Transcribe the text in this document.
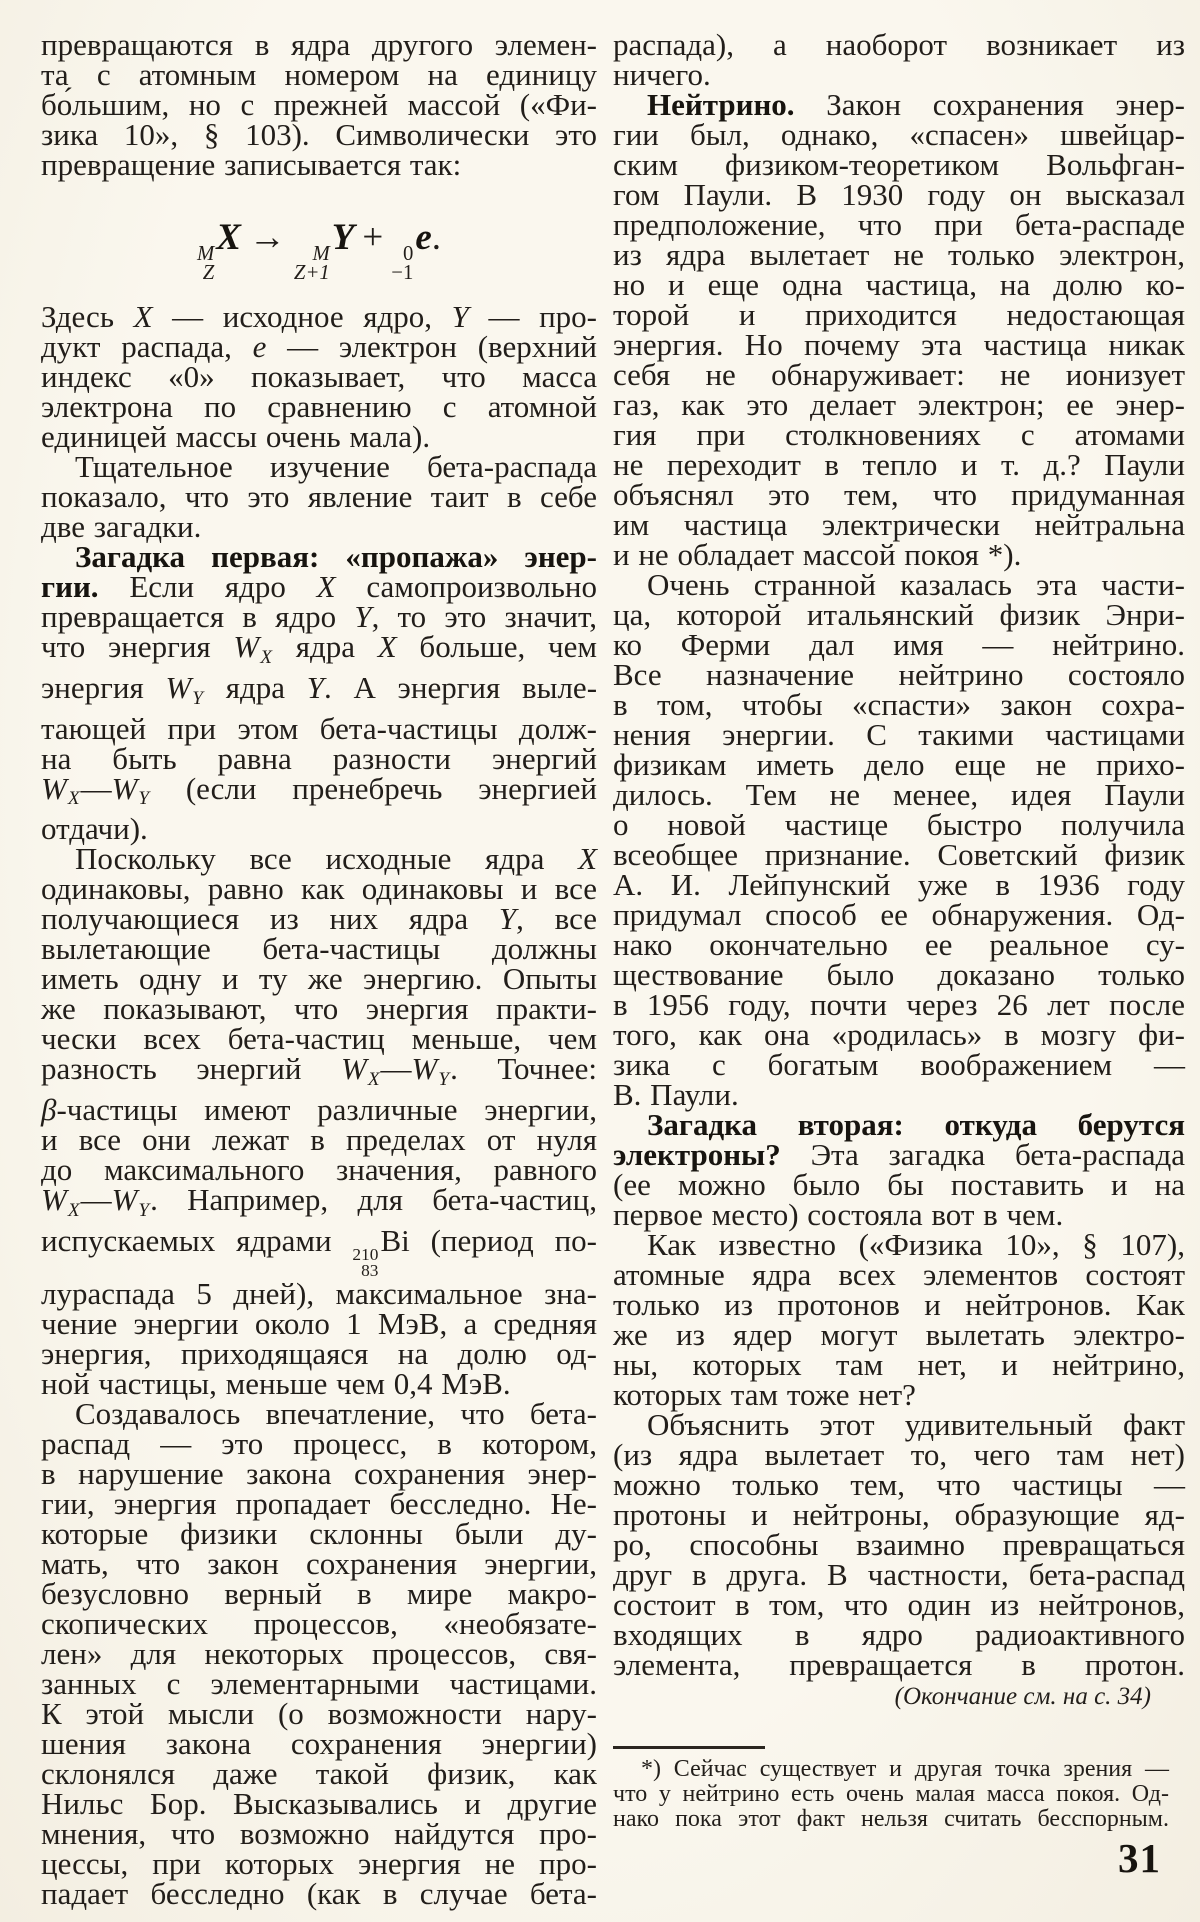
превращаются в ядра другого элемен-
та с атомным номером на единицу
бо́льшим, но с прежней массой («Фи-
зика 10», § 103). Символически это
превращение записывается так:
M
Z
X → M
Z+1
Y + 0
−1
e.
Здесь X — исходное ядро, Y — про-
дукт распада, e — электрон (верхний
индекс «0» показывает, что масса
электрона по сравнению с атомной
единицей массы очень мала).
Тщательное изучение бета-распада
показало, что это явление таит в себе
две загадки.
Загадка первая: «пропажа» энер-
гии. Если ядро X самопроизвольно
превращается в ядро Y, то это значит,
что энергия WX ядра X больше, чем
энергия WY ядра Y. А энергия выле-
тающей при этом бета-частицы долж-
на быть равна разности энергий
WX—WY (если пренебречь энергией
отдачи).
Поскольку все исходные ядра X
одинаковы, равно как одинаковы и все
получающиеся из них ядра Y, все
вылетающие бета-частицы должны
иметь одну и ту же энергию. Опыты
же показывают, что энергия практи-
чески всех бета-частиц меньше, чем
разность энергий WX—WY. Точнее:
β-частицы имеют различные энергии,
и все они лежат в пределах от нуля
до максимального значения, равного
WX—WY. Например, для бета-частиц,
испускаемых ядрами 210
83
Bi (период по-
лураспада 5 дней), максимальное зна-
чение энергии около 1 МэВ, а средняя
энергия, приходящаяся на долю од-
ной частицы, меньше чем 0,4 МэВ.
Создавалось впечатление, что бета-
распад — это процесс, в котором,
в нарушение закона сохранения энер-
гии, энергия пропадает бесследно. Не-
которые физики склонны были ду-
мать, что закон сохранения энергии,
безусловно верный в мире макро-
скопических процессов, «необязате-
лен» для некоторых процессов, свя-
занных с элементарными частицами.
К этой мысли (о возможности нару-
шения закона сохранения энергии)
склонялся даже такой физик, как
Нильс Бор. Высказывались и другие
мнения, что возможно найдутся про-
цессы, при которых энергия не про-
падает бесследно (как в случае бета-
распада), а наоборот возникает из
ничего.
Нейтрино. Закон сохранения энер-
гии был, однако, «спасен» швейцар-
ским физиком-теоретиком Вольфган-
гом Паули. В 1930 году он высказал
предположение, что при бета-распаде
из ядра вылетает не только электрон,
но и еще одна частица, на долю ко-
торой и приходится недостающая
энергия. Но почему эта частица никак
себя не обнаруживает: не ионизует
газ, как это делает электрон; ее энер-
гия при столкновениях с атомами
не переходит в тепло и т. д.? Паули
объяснял это тем, что придуманная
им частица электрически нейтральна
и не обладает массой покоя *).
Очень странной казалась эта части-
ца, которой итальянский физик Энри-
ко Ферми дал имя — нейтрино.
Все назначение нейтрино состояло
в том, чтобы «спасти» закон сохра-
нения энергии. С такими частицами
физикам иметь дело еще не прихо-
дилось. Тем не менее, идея Паули
о новой частице быстро получила
всеобщее признание. Советский физик
А. И. Лейпунский уже в 1936 году
придумал способ ее обнаружения. Од-
нако окончательно ее реальное су-
ществование было доказано только
в 1956 году, почти через 26 лет после
того, как она «родилась» в мозгу фи-
зика с богатым воображением —
В. Паули.
Загадка вторая: откуда берутся
электроны? Эта загадка бета-распада
(ее можно было бы поставить и на
первое место) состояла вот в чем.
Как известно («Физика 10», § 107),
атомные ядра всех элементов состоят
только из протонов и нейтронов. Как
же из ядер могут вылетать электро-
ны, которых там нет, и нейтрино,
которых там тоже нет?
Объяснить этот удивительный факт
(из ядра вылетает то, чего там нет)
можно только тем, что частицы —
протоны и нейтроны, образующие яд-
ро, способны взаимно превращаться
друг в друга. В частности, бета-распад
состоит в том, что один из нейтронов,
входящих в ядро радиоактивного
элемента, превращается в протон.
(Окончание см. на с. 34)
*) Сейчас существует и другая точка зрения —
что у нейтрино есть очень малая масса покоя. Од-
нако пока этот факт нельзя считать бесспорным.
31
